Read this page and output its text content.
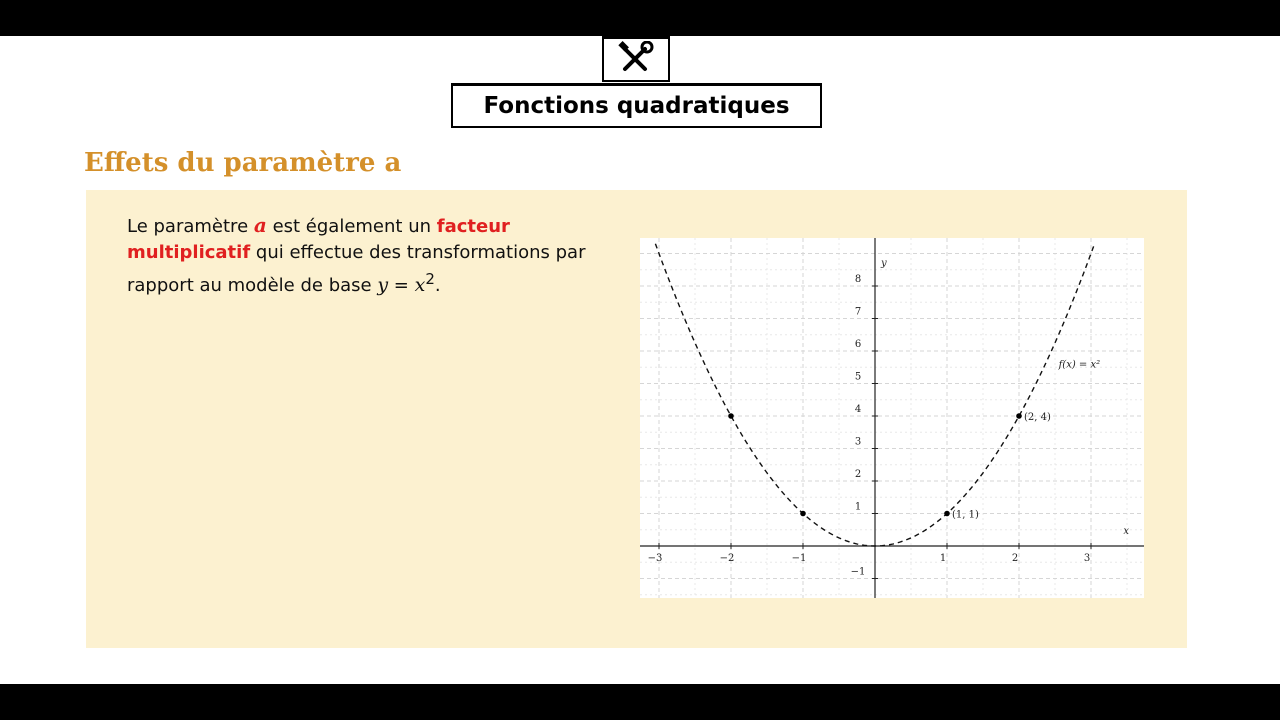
Fonctions quadratiques
Effets du paramètre a
Le paramètre a est également un facteur multiplicatif qui effectue des transformations par rapport au modèle de base $y = x^2$.
−3	−2	−1	1	2	3
−1
1
2
3
4
5
6
7
8
y
x
(1, 1)
(2, 4)
f(x) = x²
